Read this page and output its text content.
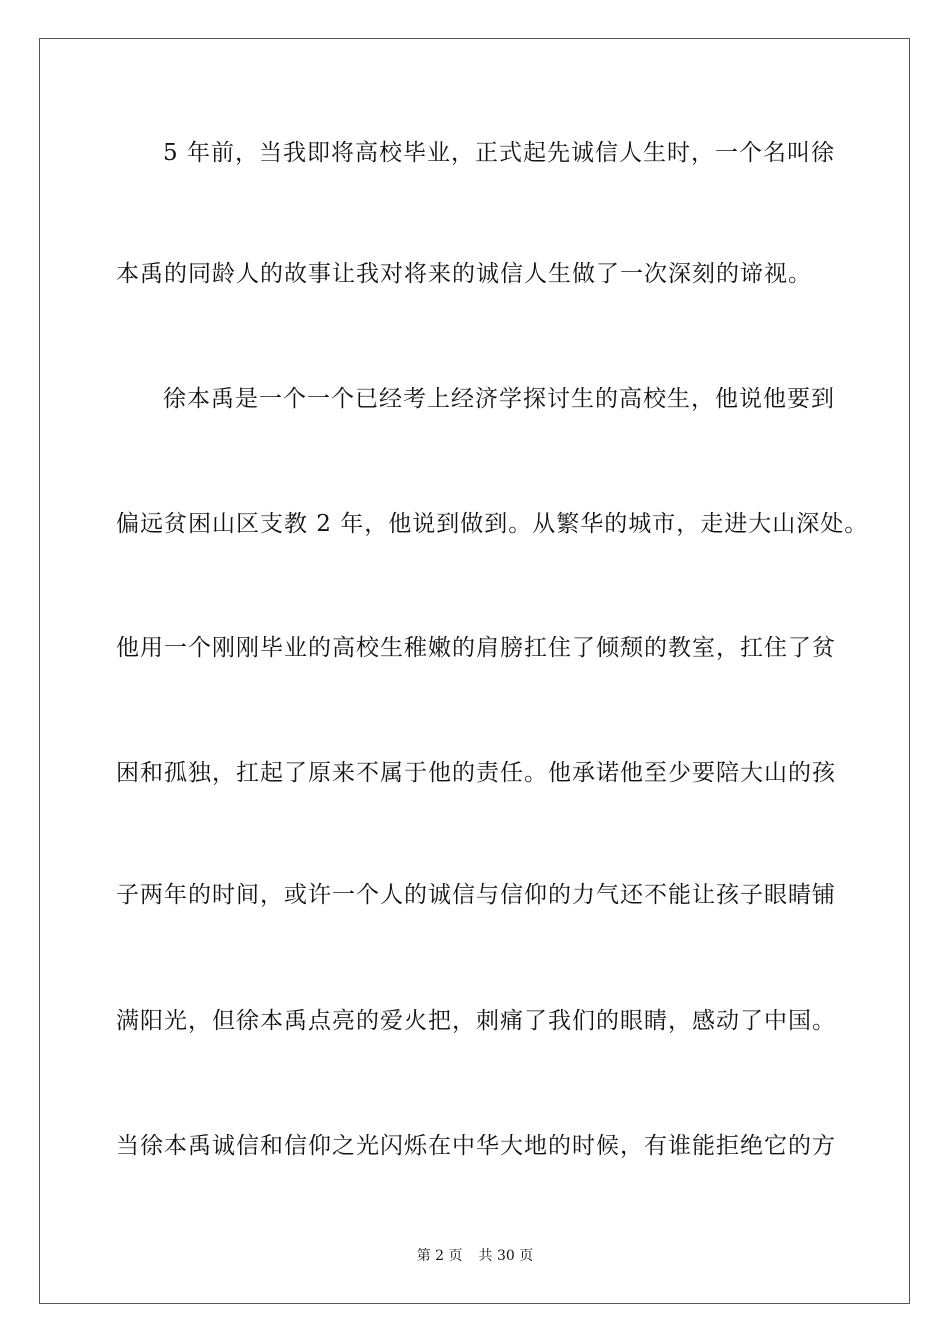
5 年前，当我即将高校毕业，正式起先诚信人生时，一个名叫徐
本禹的同龄人的故事让我对将来的诚信人生做了一次深刻的谛视。
徐本禹是一个一个已经考上经济学探讨生的高校生，他说他要到
偏远贫困山区支教 2 年，他说到做到。从繁华的城市，走进大山深处。
他用一个刚刚毕业的高校生稚嫩的肩膀扛住了倾颓的教室，扛住了贫
困和孤独，扛起了原来不属于他的责任。他承诺他至少要陪大山的孩
子两年的时间，或许一个人的诚信与信仰的力气还不能让孩子眼睛铺
满阳光，但徐本禹点亮的爱火把，刺痛了我们的眼睛，感动了中国。
当徐本禹诚信和信仰之光闪烁在中华大地的时候，有谁能拒绝它的方
第 2 页 共 30 页
